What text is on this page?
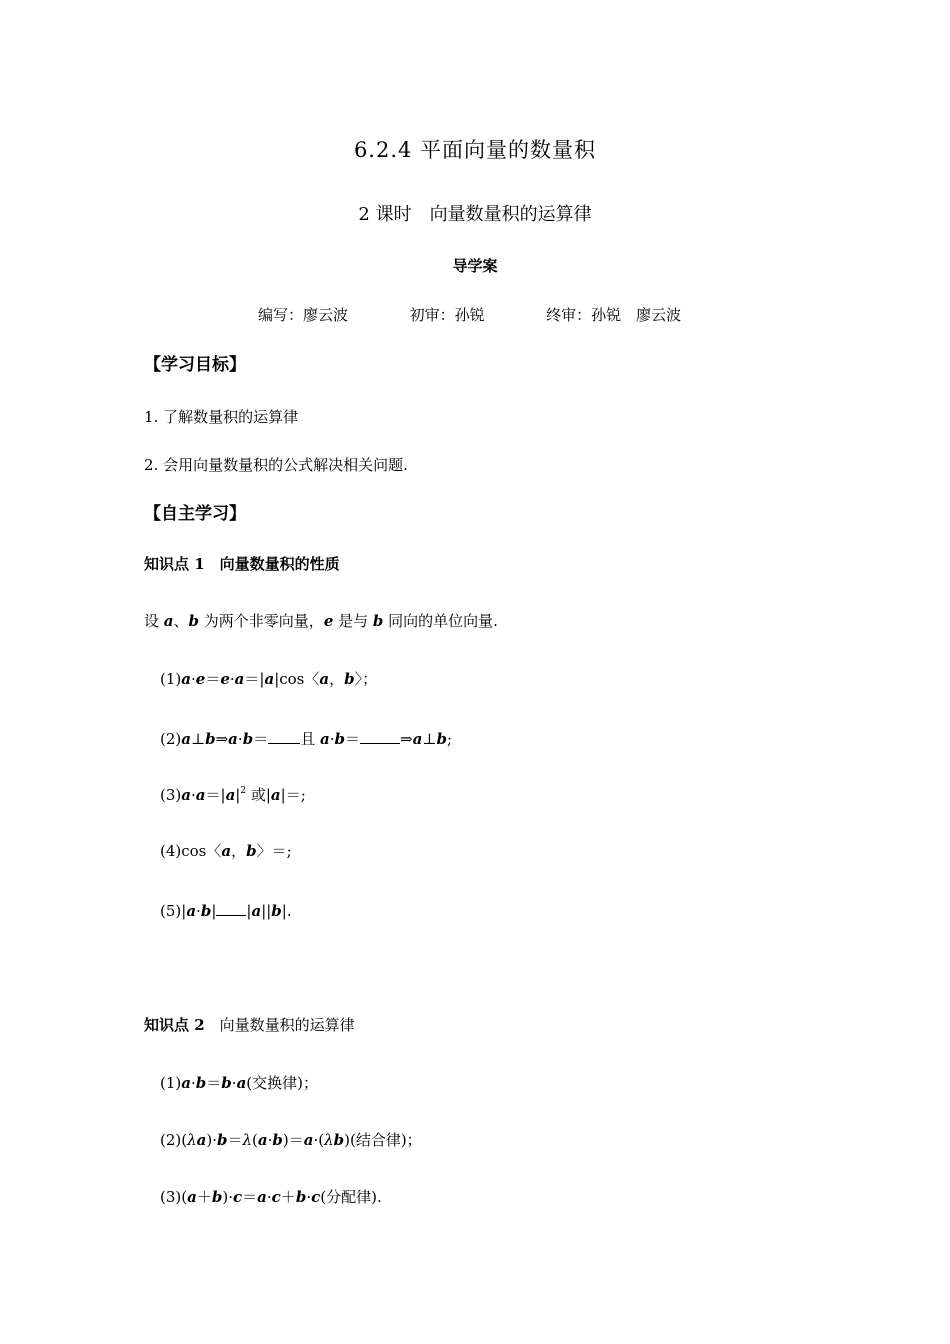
6.2.4 平面向量的数量积
2 课时　向量数量积的运算律
导学案
编写：廖云波	初审：孙锐	终审：孙锐　廖云波
【学习目标】
1. 了解数量积的运算律
2. 会用向量数量积的公式解决相关问题.
【自主学习】
知识点 1　向量数量积的性质
设 a、b 为两个非零向量，e 是与 b 同向的单位向量.
(1)a·e＝e·a＝|a|cos〈a，b〉；
(2)a⊥b⇒a·b＝ 且 a·b＝	⇒a⊥b;
$(3)a\cdot a=|a|^2$ 或|a|＝;
(4)cos〈a，b〉＝;
(5)|a·b| |a||b|.
知识点 2　向量数量积的运算律
(1)a·b＝b·a(交换律)；
(2)(λa)·b＝λ(a·b)＝a·(λb)(结合律)；
(3)(a＋b)·c＝a·c＋b·c(分配律).
